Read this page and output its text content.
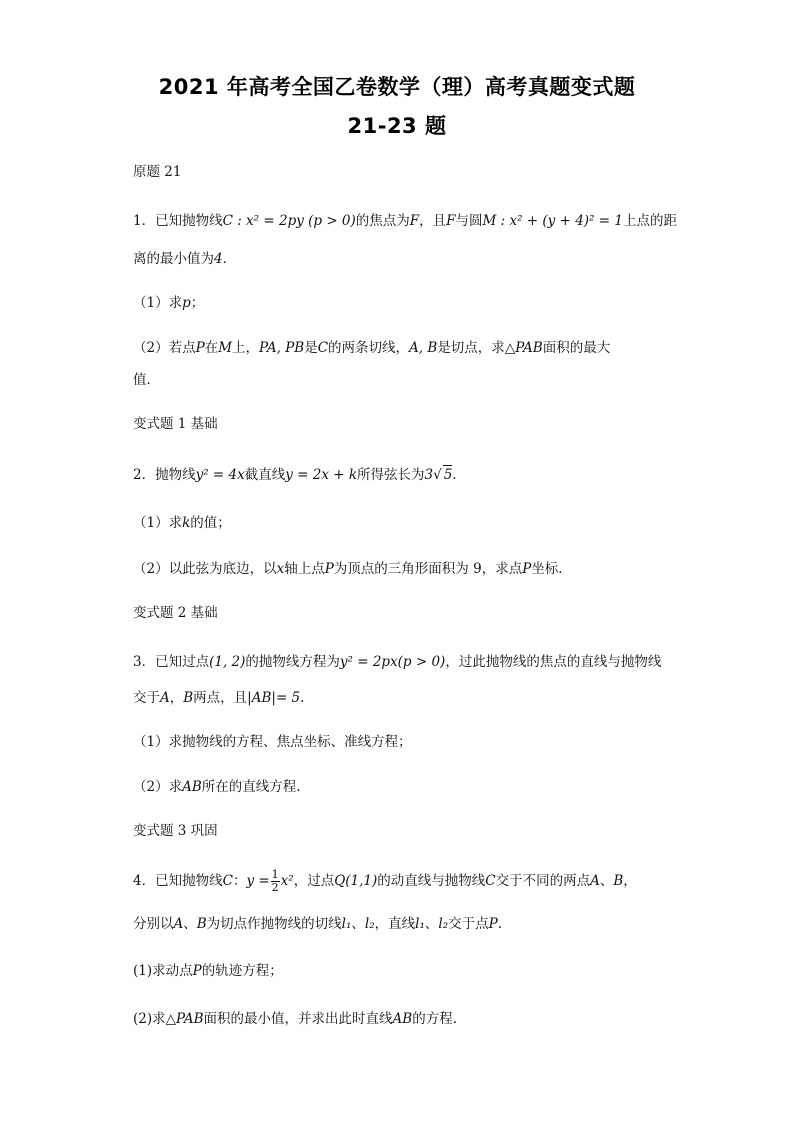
2021 年高考全国乙卷数学（理）高考真题变式题
21-23 题
原题 21
1．已知抛物线C : x² = 2py (p > 0)的焦点为F，且F与圆M : x² + (y + 4)² = 1上点的距
离的最小值为4．
（1）求p；
（2）若点P在M上，PA, PB是C的两条切线，A, B是切点，求△PAB面积的最大
值．
变式题 1 基础
2．抛物线y² = 4x截直线y = 2x + k所得弦长为3√ 5．
（1）求k的值；
（2）以此弦为底边，以x轴上点P为顶点的三角形面积为 9，求点P坐标．
变式题 2 基础
3．已知过点(1, 2)的抛物线方程为y² = 2px(p > 0)，过此抛物线的焦点的直线与抛物线
交于A，B两点，且|AB|= 5.
（1）求抛物线的方程、焦点坐标、准线方程；
（2）求AB所在的直线方程.
变式题 3 巩固
4．已知抛物线C：$y = \frac{1}{2} x^2$，过点Q(1,1)的动直线与抛物线C交于不同的两点A、B，
分别以A、B为切点作抛物线的切线l₁、l₂，直线l₁、l₂交于点P.
(1)求动点P的轨迹方程；
(2)求△PAB面积的最小值，并求出此时直线AB的方程.
